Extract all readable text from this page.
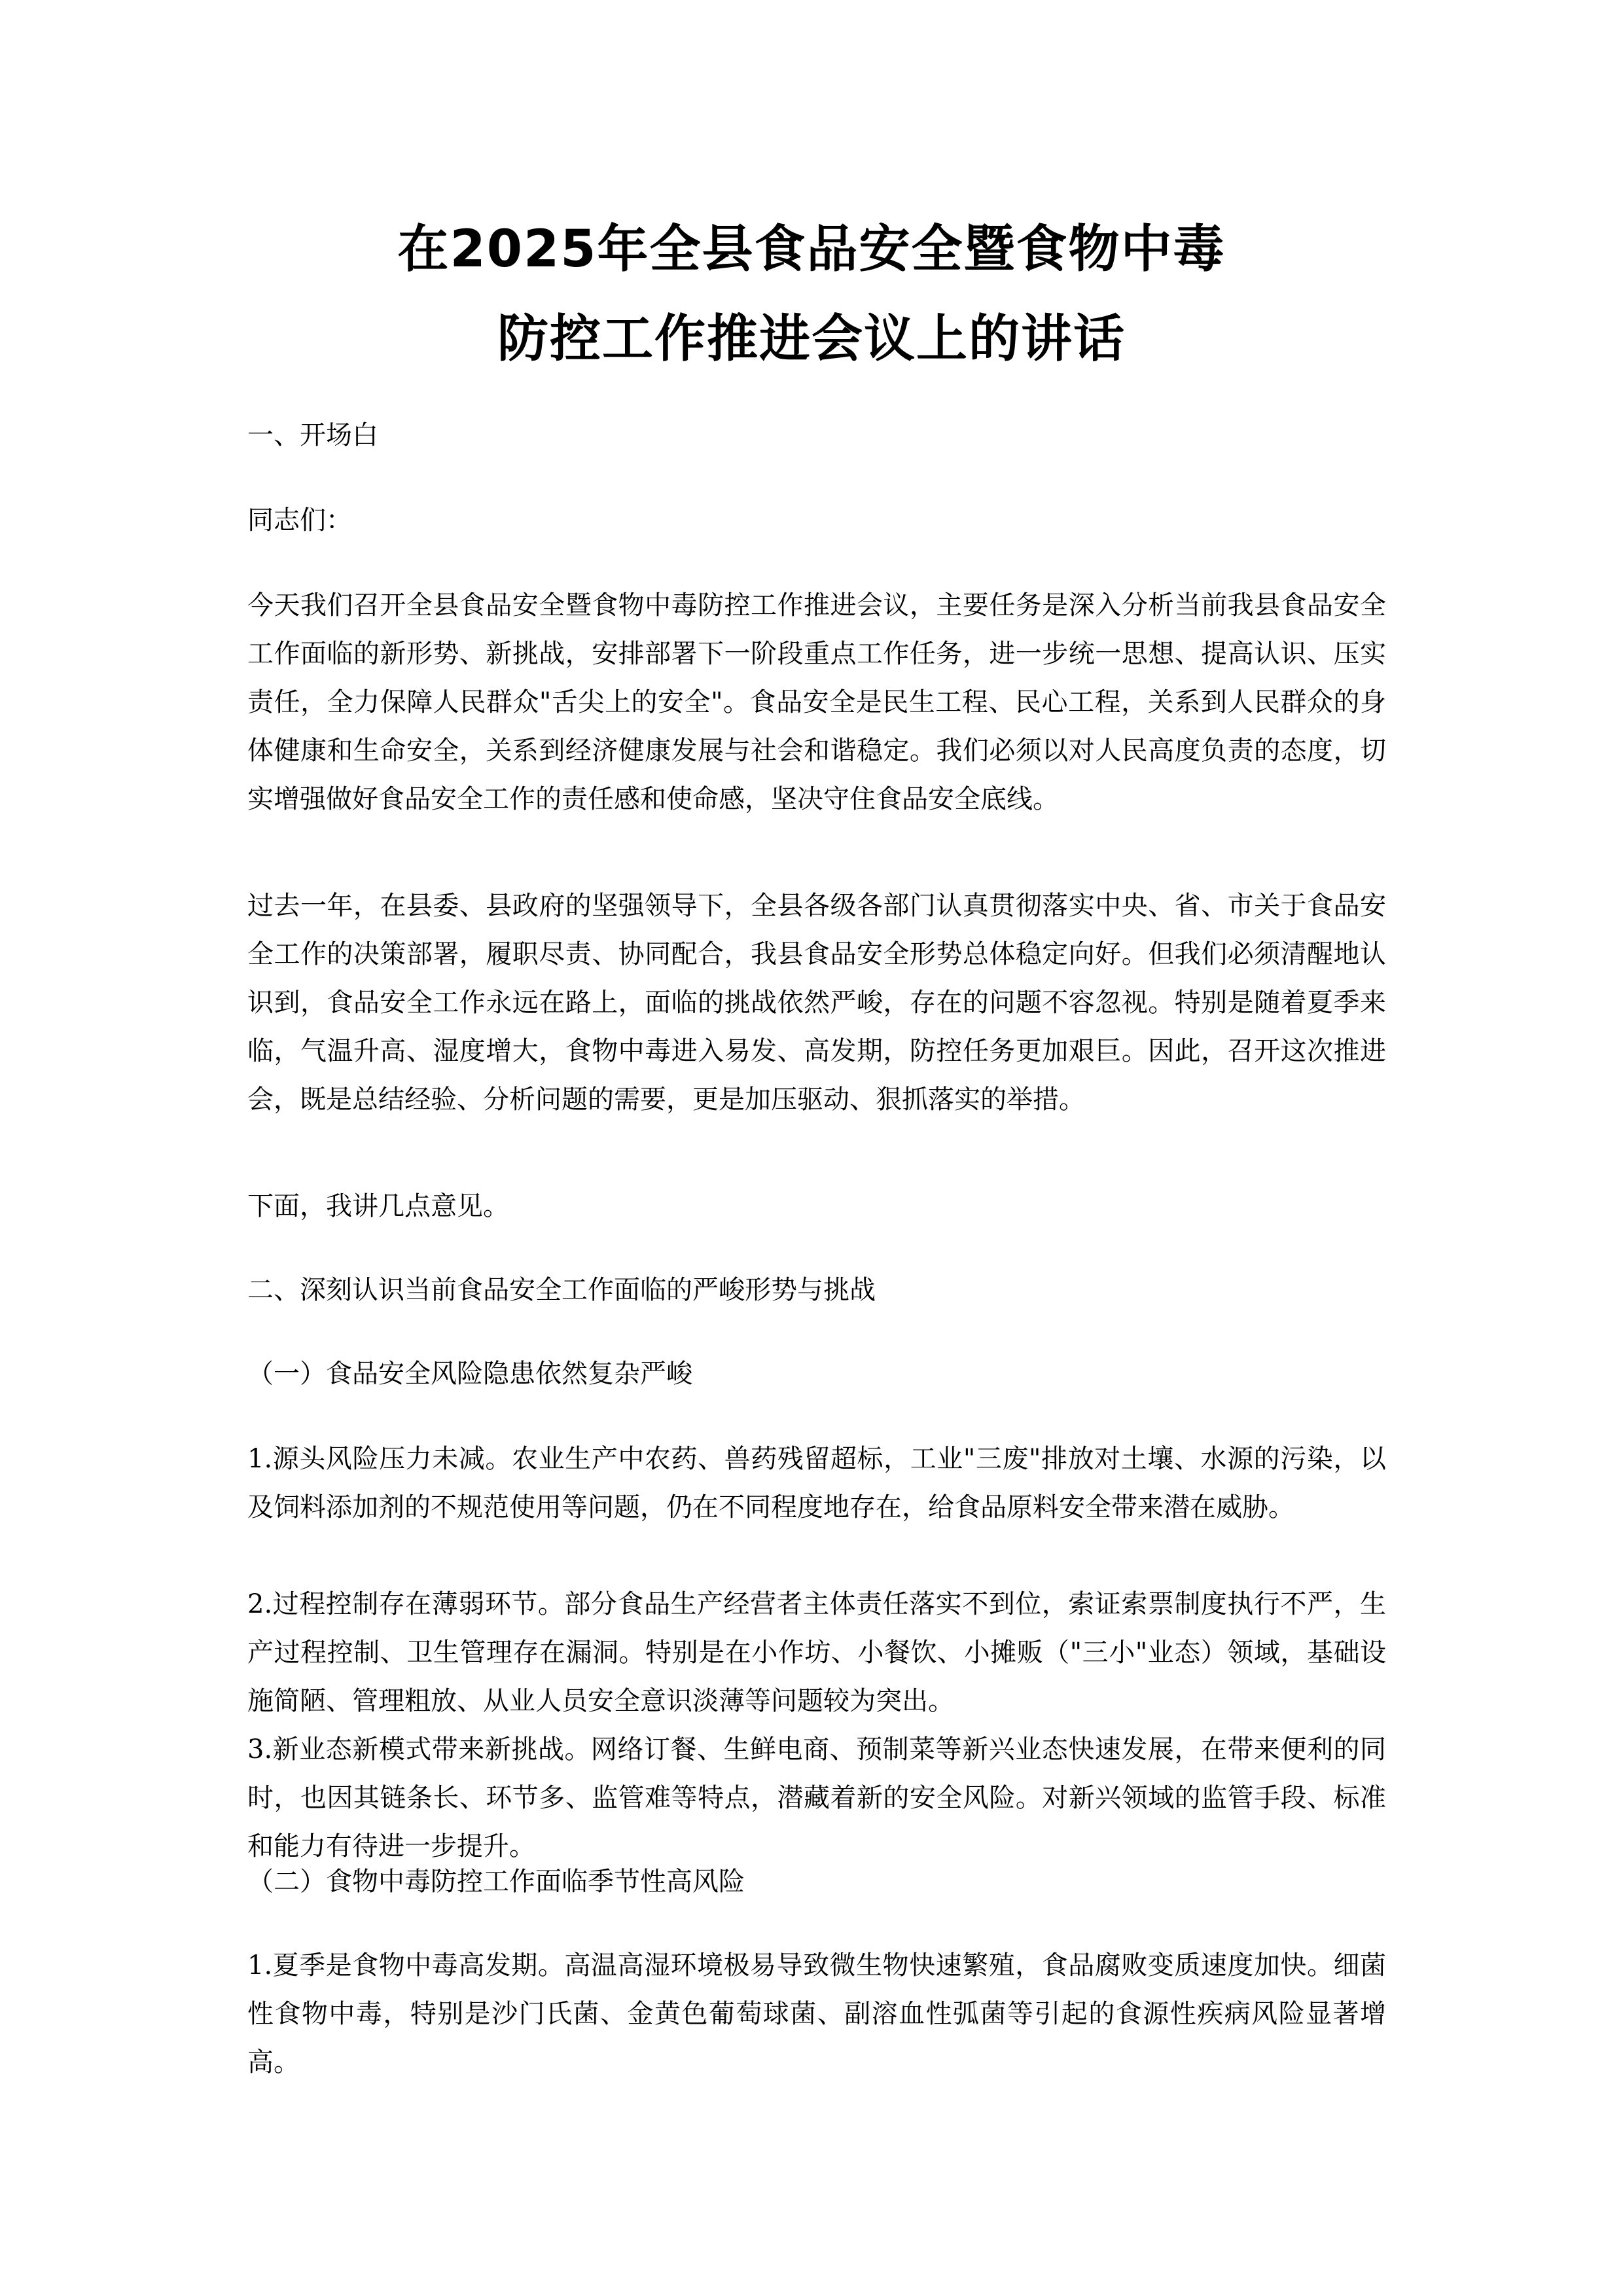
在2025年全县食品安全暨食物中毒
防控工作推进会议上的讲话
一、开场白
同志们：
今天我们召开全县食品安全暨食物中毒防控工作推进会议，主要任务是深入分析当前我县食品安全工作面临的新形势、新挑战，安排部署下一阶段重点工作任务，进一步统一思想、提高认识、压实责任，全力保障人民群众"舌尖上的安全"。食品安全是民生工程、民心工程，关系到人民群众的身体健康和生命安全，关系到经济健康发展与社会和谐稳定。我们必须以对人民高度负责的态度，切实增强做好食品安全工作的责任感和使命感，坚决守住食品安全底线。
过去一年，在县委、县政府的坚强领导下，全县各级各部门认真贯彻落实中央、省、市关于食品安全工作的决策部署，履职尽责、协同配合，我县食品安全形势总体稳定向好。但我们必须清醒地认识到，食品安全工作永远在路上，面临的挑战依然严峻，存在的问题不容忽视。特别是随着夏季来临，气温升高、湿度增大，食物中毒进入易发、高发期，防控任务更加艰巨。因此，召开这次推进会，既是总结经验、分析问题的需要，更是加压驱动、狠抓落实的举措。
下面，我讲几点意见。
二、深刻认识当前食品安全工作面临的严峻形势与挑战
（一）食品安全风险隐患依然复杂严峻
1.源头风险压力未减。农业生产中农药、兽药残留超标，工业"三废"排放对土壤、水源的污染，以及饲料添加剂的不规范使用等问题，仍在不同程度地存在，给食品原料安全带来潜在威胁。
2.过程控制存在薄弱环节。部分食品生产经营者主体责任落实不到位，索证索票制度执行不严，生产过程控制、卫生管理存在漏洞。特别是在小作坊、小餐饮、小摊贩（"三小"业态）领域，基础设施简陋、管理粗放、从业人员安全意识淡薄等问题较为突出。
3.新业态新模式带来新挑战。网络订餐、生鲜电商、预制菜等新兴业态快速发展，在带来便利的同时，也因其链条长、环节多、监管难等特点，潜藏着新的安全风险。对新兴领域的监管手段、标准和能力有待进一步提升。
（二）食物中毒防控工作面临季节性高风险
1.夏季是食物中毒高发期。高温高湿环境极易导致微生物快速繁殖，食品腐败变质速度加快。细菌性食物中毒，特别是沙门氏菌、金黄色葡萄球菌、副溶血性弧菌等引起的食源性疾病风险显著增高。
